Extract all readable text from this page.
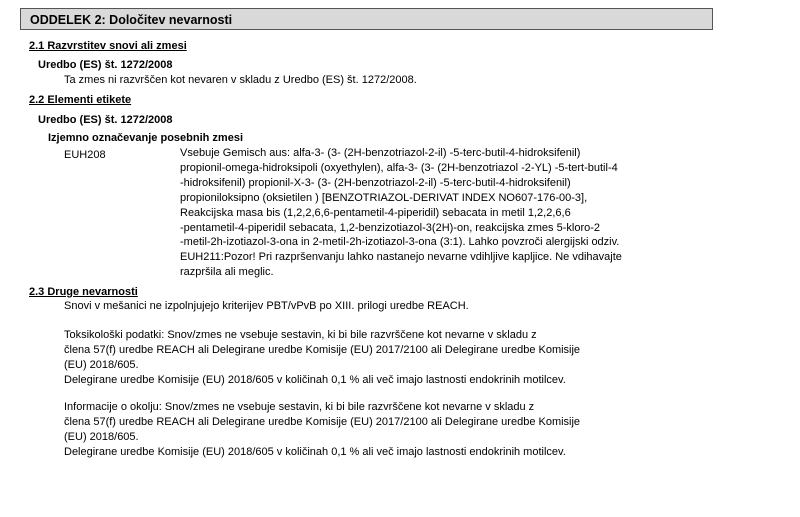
ODDELEK 2: Določitev nevarnosti
2.1 Razvrstitev snovi ali zmesi
Uredbo (ES) št. 1272/2008
Ta zmes ni razvrščen kot nevaren v skladu z Uredbo (ES) št. 1272/2008.
2.2 Elementi etikete
Uredbo (ES) št. 1272/2008
Izjemno označevanje posebnih zmesi
EUH208	Vsebuje Gemisch aus: alfa-3- (3- (2H-benzotriazol-2-il) -5-terc-butil-4-hidroksifenil)
propionil-omega-hidroksipoli (oxyethylen), alfa-3- (3- (2H-benzotriazol -2-YL) -5-tert-butil-4
-hidroksifenil) propionil-X-3- (3- (2H-benzotriazol-2-il) -5-terc-butil-4-hidroksifenil)
propioniloksipno (oksietilen ) [BENZOTRIAZOL-DERIVAT INDEX NO607-176-00-3],
Reakcijska masa bis (1,2,2,6,6-pentametil-4-piperidil) sebacata in metil 1,2,2,6,6
-pentametil-4-piperidil sebacata, 1,2-benzizotiazol-3(2H)-on, reakcijska zmes 5-kloro-2
-metil-2h-izotiazol-3-ona in 2-metil-2h-izotiazol-3-ona (3:1). Lahko povzroči alergijski odziv.
EUH211:Pozor! Pri razpršenvanju lahko nastanejo nevarne vdihljive kapljice. Ne vdihavajte
razpršila ali meglic.
2.3 Druge nevarnosti
Snovi v mešanici ne izpolnjujejo kriterijev PBT/vPvB po XIII. prilogi uredbe REACH.
Toksikološki podatki: Snov/zmes ne vsebuje sestavin, ki bi bile razvrščene kot nevarne v skladu z
člena 57(f) uredbe REACH ali Delegirane uredbe Komisije (EU) 2017/2100 ali Delegirane uredbe Komisije
(EU) 2018/605.
Delegirane uredbe Komisije (EU) 2018/605 v količinah 0,1 % ali več imajo lastnosti endokrinih motilcev.
Informacije o okolju: Snov/zmes ne vsebuje sestavin, ki bi bile razvrščene kot nevarne v skladu z
člena 57(f) uredbe REACH ali Delegirane uredbe Komisije (EU) 2017/2100 ali Delegirane uredbe Komisije
(EU) 2018/605.
Delegirane uredbe Komisije (EU) 2018/605 v količinah 0,1 % ali več imajo lastnosti endokrinih motilcev.
